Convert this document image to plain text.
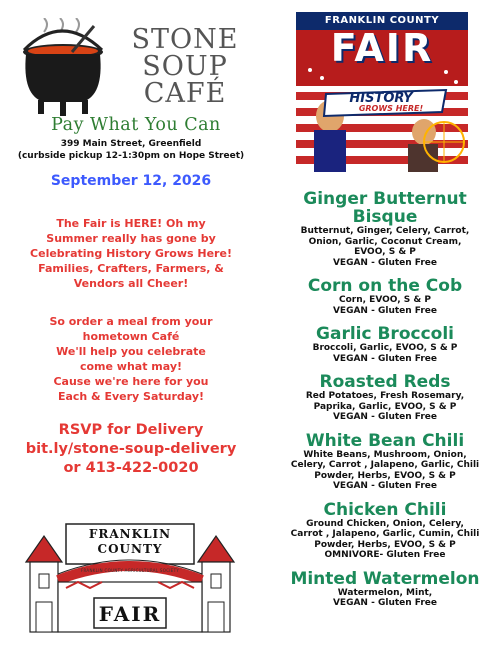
STONE
SOUP
CAFÉ
Pay What You Can
399 Main Street, Greenfield
(curbside pickup 12-1:30pm on Hope Street)
September 12, 2026
The Fair is HERE! Oh my
Summer really has gone by
Celebrating History Grows Here!
Families, Crafters, Farmers, &
Vendors all Cheer!
So order a meal from your
hometown Café
We'll help you celebrate
come what may!
Cause we're here for you
Each & Every Saturday!
RSVP for Delivery
bit.ly/stone-soup-delivery
or 413-422-0020
FRANKLIN
COUNTY
FRANKLIN COUNTY AGRICULTURAL SOCIETY
FAIR
FRANKLIN COUNTY
FAIR
HISTORY
GROWS HERE!
Ginger Butternut
Bisque
Butternut, Ginger, Celery, Carrot,
Onion, Garlic, Coconut Cream,
EVOO, S & P
VEGAN - Gluten Free
Corn on the Cob
Corn, EVOO, S & P
VEGAN - Gluten Free
Garlic Broccoli
Broccoli, Garlic, EVOO, S & P
VEGAN - Gluten Free
Roasted Reds
Red Potatoes, Fresh Rosemary,
Paprika, Garlic, EVOO, S & P
VEGAN - Gluten Free
White Bean Chili
White Beans, Mushroom, Onion,
Celery, Carrot , Jalapeno, Garlic, Chili
Powder, Herbs, EVOO, S & P
VEGAN - Gluten Free
Chicken Chili
Ground Chicken, Onion, Celery,
Carrot , Jalapeno, Garlic, Cumin, Chili
Powder, Herbs, EVOO, S & P
OMNIVORE- Gluten Free
Minted Watermelon
Watermelon, Mint,
VEGAN - Gluten Free
